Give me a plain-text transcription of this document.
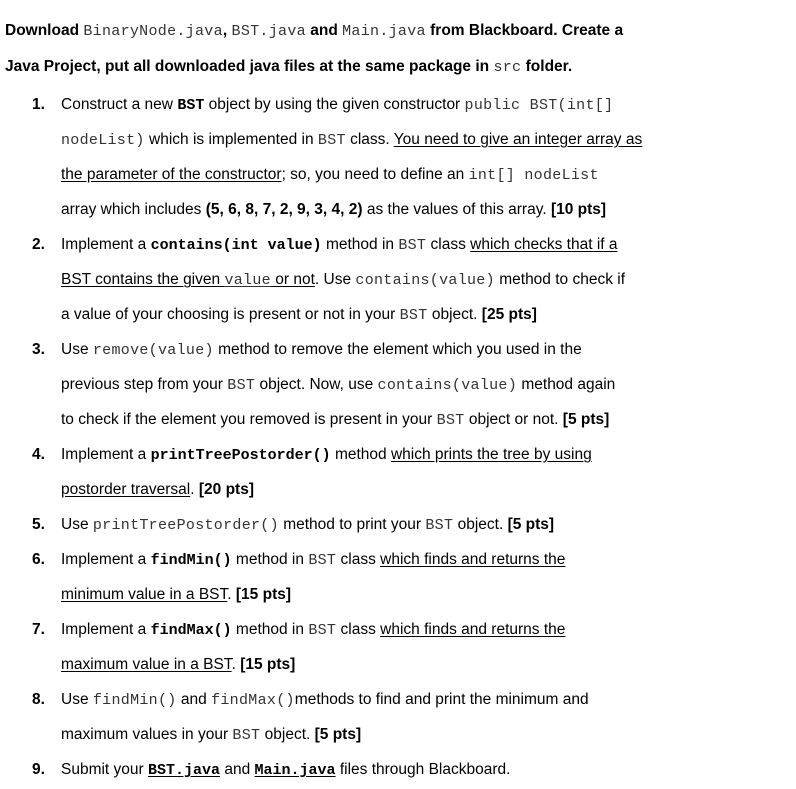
Download BinaryNode.java, BST.java and Main.java from Blackboard. Create a
Java Project, put all downloaded java files at the same package in src folder.
1. Construct a new BST object by using the given constructor public BST(int[]
nodeList) which is implemented in BST class. You need to give an integer array as
the parameter of the constructor; so, you need to define an int[] nodeList
array which includes (5, 6, 8, 7, 2, 9, 3, 4, 2) as the values of this array. [10 pts]
2. Implement a contains(int value) method in BST class which checks that if a
BST contains the given value or not. Use contains(value) method to check if
a value of your choosing is present or not in your BST object. [25 pts]
3. Use remove(value) method to remove the element which you used in the
previous step from your BST object. Now, use contains(value) method again
to check if the element you removed is present in your BST object or not. [5 pts]
4. Implement a printTreePostorder() method which prints the tree by using
postorder traversal. [20 pts]
5. Use printTreePostorder() method to print your BST object. [5 pts]
6. Implement a findMin() method in BST class which finds and returns the
minimum value in a BST. [15 pts]
7. Implement a findMax() method in BST class which finds and returns the
maximum value in a BST. [15 pts]
8. Use findMin() and findMax()methods to find and print the minimum and
maximum values in your BST object. [5 pts]
9. Submit your BST.java and Main.java files through Blackboard.
